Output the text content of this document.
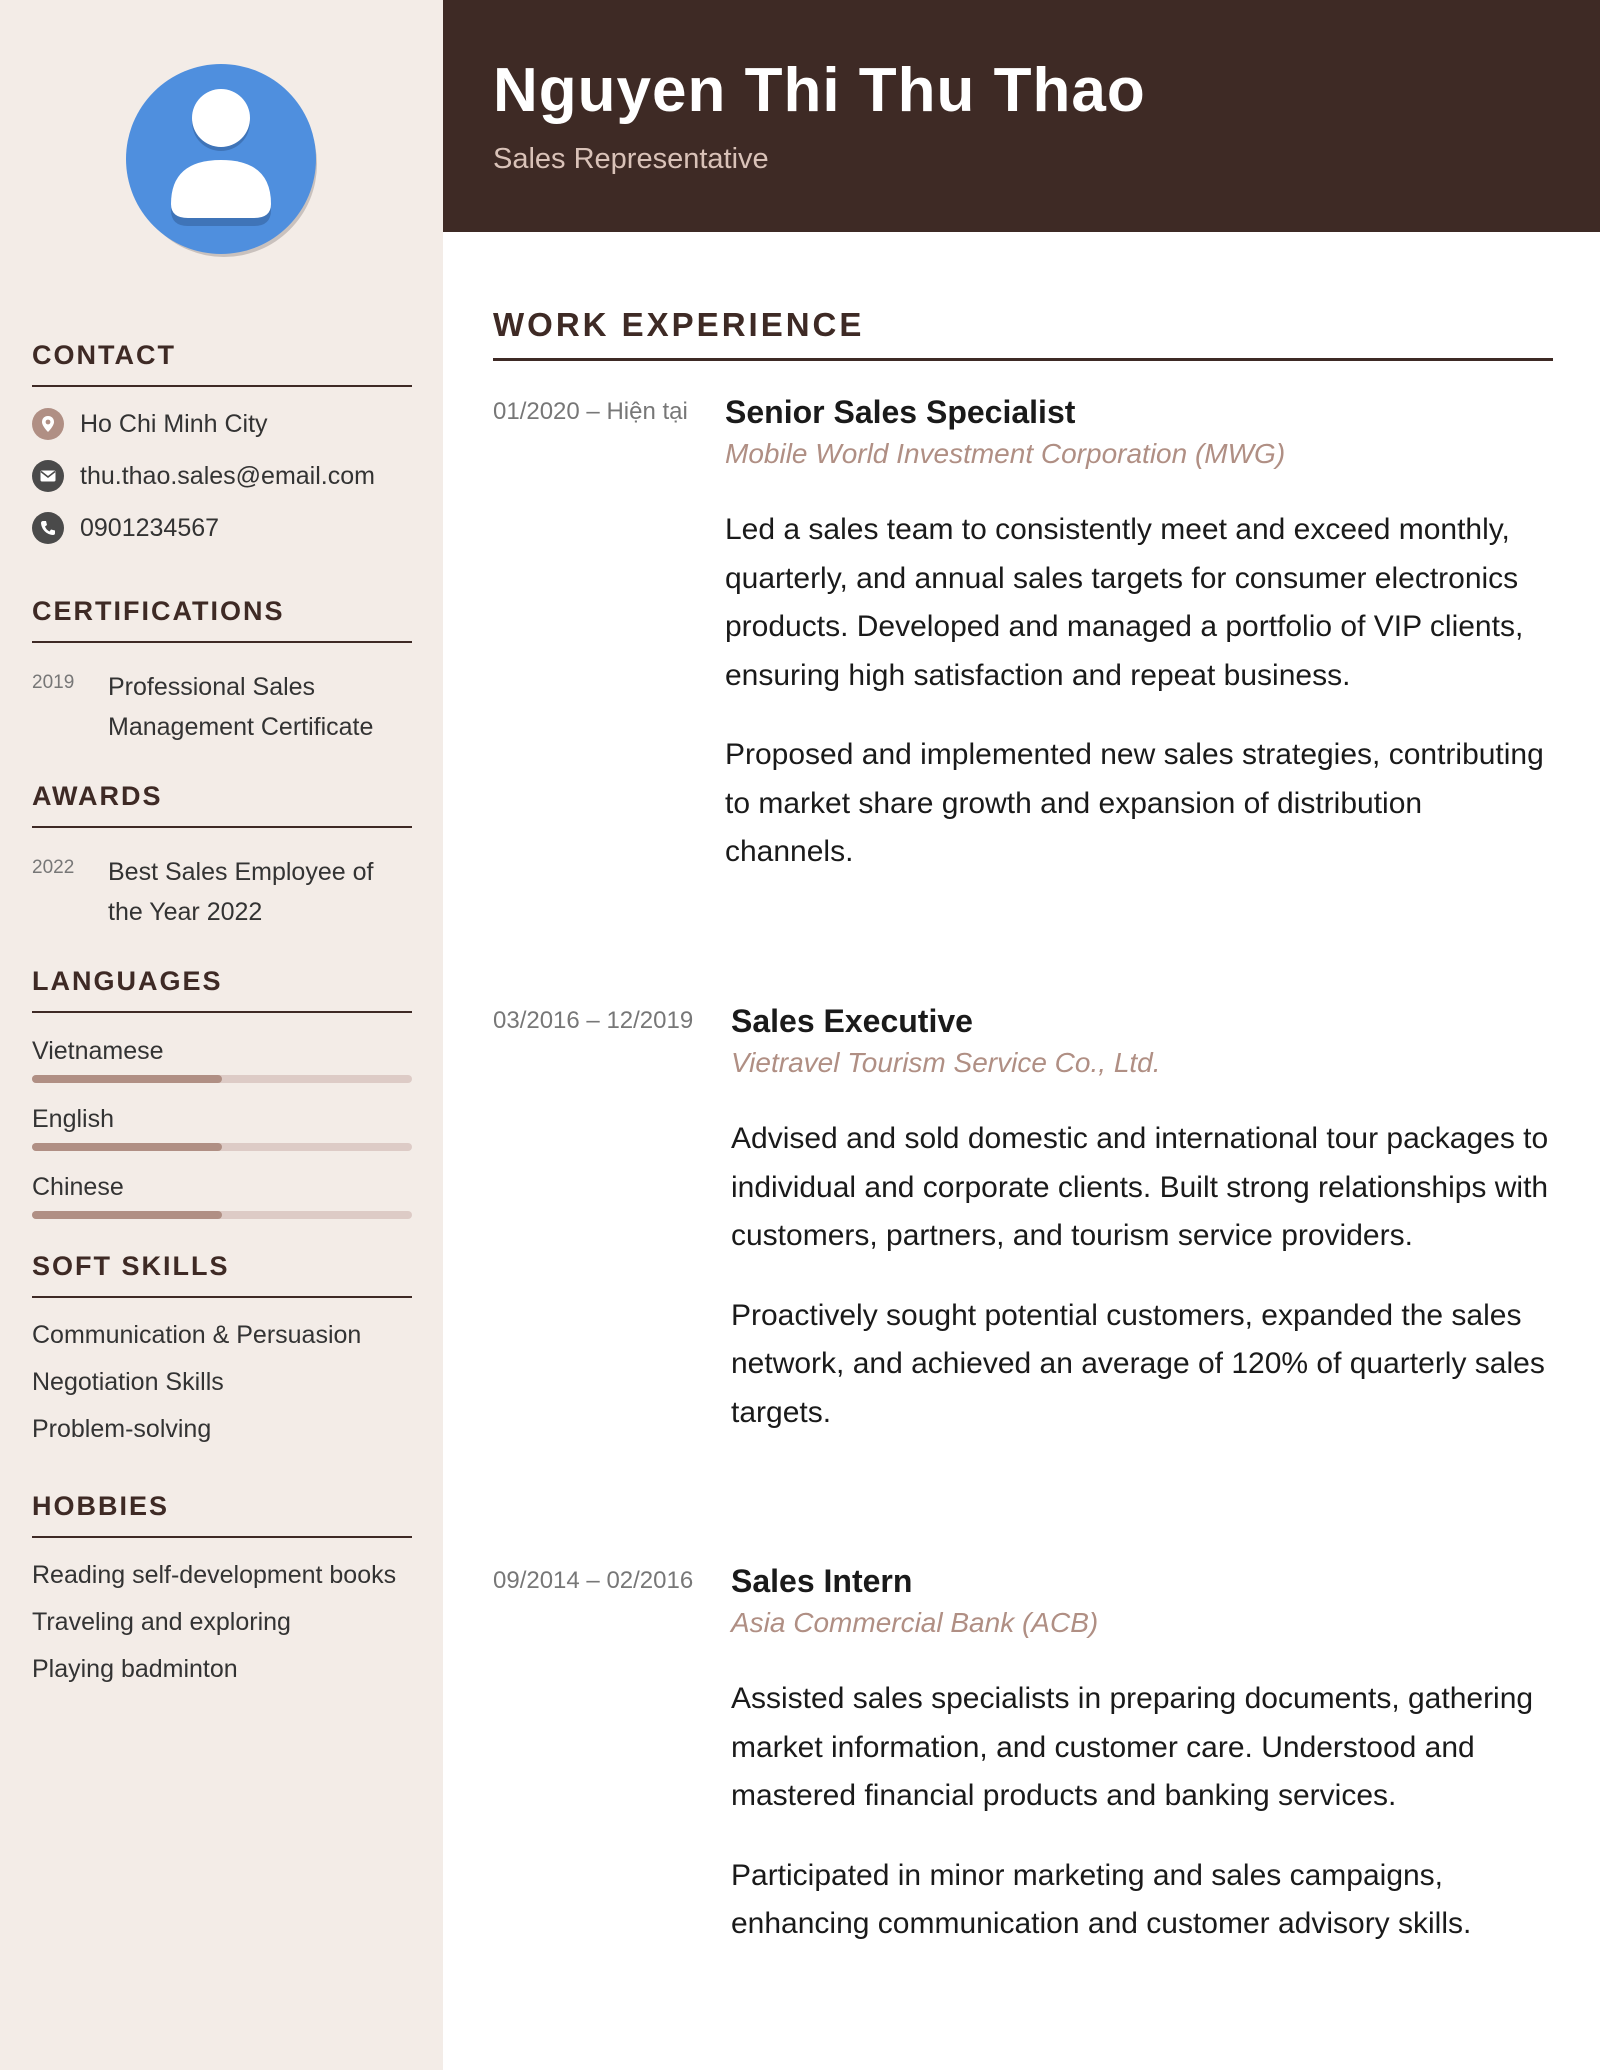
CONTACT
Ho Chi Minh City
thu.thao.sales@email.com
0901234567
CERTIFICATIONS
2019	Professional Sales
Management Certificate
AWARDS
2022	Best Sales Employee of
the Year 2022
LANGUAGES
Vietnamese
English
Chinese
SOFT SKILLS
Communication & Persuasion
Negotiation Skills
Problem-solving
HOBBIES
Reading self-development books
Traveling and exploring
Playing badminton
Nguyen Thi Thu Thao
Sales Representative
WORK EXPERIENCE
01/2020 – Hiện tại Senior Sales Specialist
Mobile World Investment Corporation (MWG)
Led a sales team to consistently meet and exceed monthly, quarterly, and annual sales targets for consumer electronics products. Developed and managed a portfolio of VIP clients, ensuring high satisfaction and repeat business.
Proposed and implemented new sales strategies, contributing to market share growth and expansion of distribution channels.
03/2016 – 12/2019 Sales Executive
Vietravel Tourism Service Co., Ltd.
Advised and sold domestic and international tour packages to individual and corporate clients. Built strong relationships with customers, partners, and tourism service providers.
Proactively sought potential customers, expanded the sales network, and achieved an average of 120% of quarterly sales targets.
09/2014 – 02/2016 Sales Intern
Asia Commercial Bank (ACB)
Assisted sales specialists in preparing documents, gathering market information, and customer care. Understood and mastered financial products and banking services.
Participated in minor marketing and sales campaigns, enhancing communication and customer advisory skills.
